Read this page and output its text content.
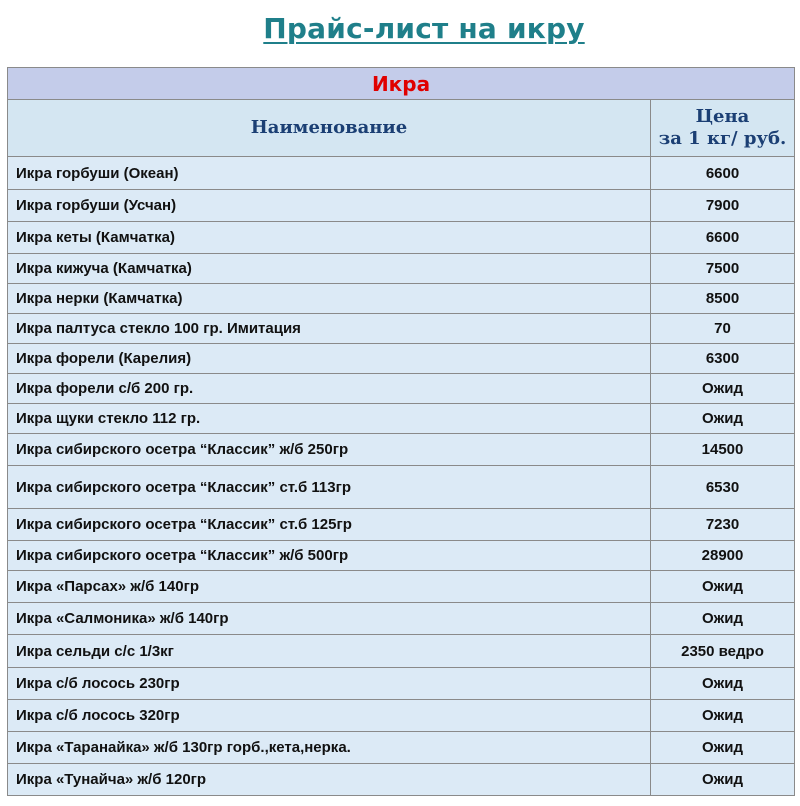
Прайс-лист на икру
Икра	
Наименование	Цена
за 1 кг/ руб.

Икра горбуши (Океан)	6600
Икра горбуши (Усчан)	7900
Икра кеты (Камчатка)	6600
Икра кижуча (Камчатка)	7500
Икра нерки (Камчатка)	8500
Икра палтуса стекло 100 гр. Имитация	70
Икра форели (Карелия)	6300
Икра форели с/б 200 гр.	Ожид
Икра щуки стекло 112 гр.	Ожид
Икра сибирского осетра “Классик” ж/б 250гр	14500
Икра сибирского осетра “Классик” ст.б 113гр	6530
Икра сибирского осетра “Классик” ст.б 125гр	7230
Икра сибирского осетра “Классик” ж/б 500гр	28900
Икра «Парсах» ж/б 140гр	Ожид
Икра «Салмоника» ж/б 140гр	Ожид
Икра сельди с/с 1/3кг	2350 ведро
Икра с/б лосось 230гр	Ожид
Икра с/б лосось 320гр	Ожид
Икра «Таранайка» ж/б 130гр горб.,кета,нерка.	Ожид
Икра «Тунайча» ж/б 120гр	Ожид
